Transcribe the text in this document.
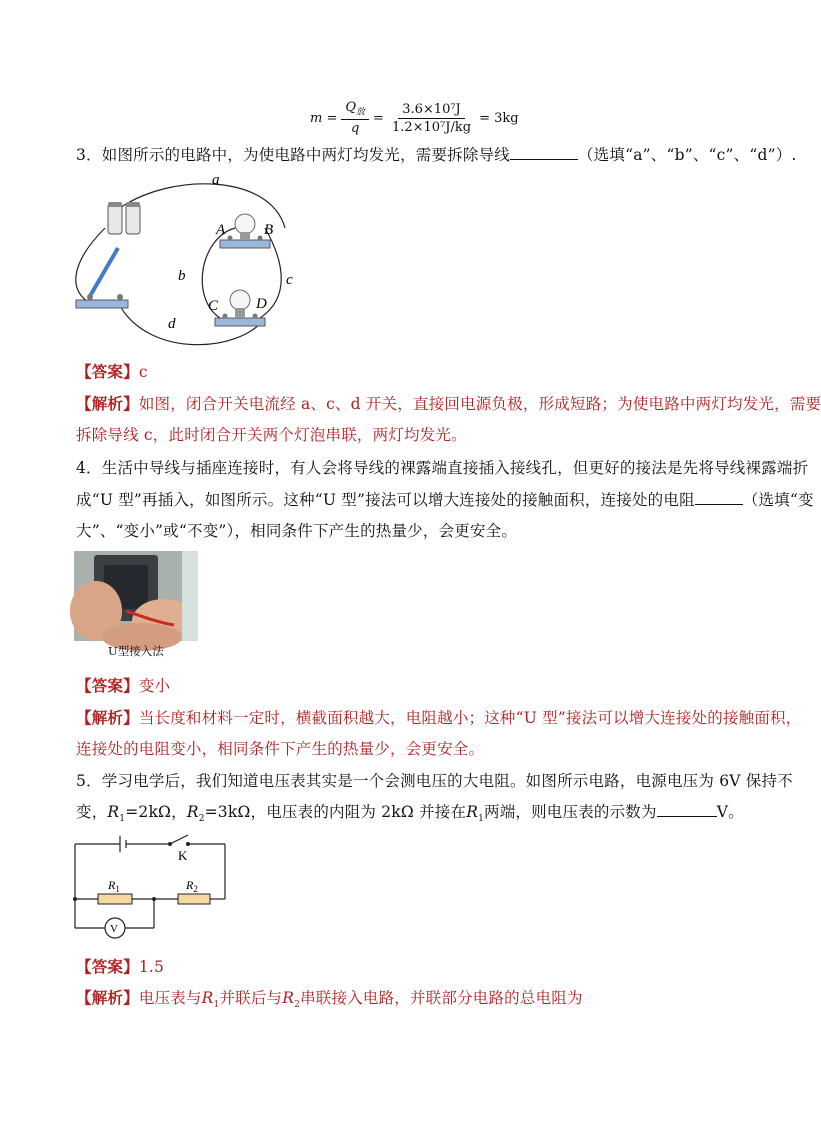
$m = \frac{Q_放}{q} = \frac{\text{3.6×10⁷J}}{\text{1.2×10⁷J/kg}} = 3kg$
3．如图所示的电路中，为使电路中两灯均发光，需要拆除导线	（选填“a”、“b”、“c”、“d”）.
a
b	c
d
A	B
C	D
【答案】c
【解析】如图，闭合开关电流经 a、c、d 开关，直接回电源负极，形成短路；为使电路中两灯均发光，需要
拆除导线 c，此时闭合开关两个灯泡串联，两灯均发光。
4．生活中导线与插座连接时，有人会将导线的裸露端直接插入接线孔，但更好的接法是先将导线裸露端折
成“U 型”再插入，如图所示。这种“U 型”接法可以增大连接处的接触面积，连接处的电阻	（选填“变
大”、“变小”或“不变”），相同条件下产生的热量少，会更安全。
U型接入法
【答案】变小
【解析】当长度和材料一定时，横截面积越大，电阻越小；这种“U 型”接法可以增大连接处的接触面积，
连接处的电阻变小，相同条件下产生的热量少，会更安全。
5．学习电学后，我们知道电压表其实是一个会测电压的大电阻。如图所示电路，电源电压为 6V 保持不
变，$R_1=2k\Omega$，$R_2=3k\Omega$，电压表的内阻为 2kΩ 并接在$R_1$两端，则电压表的示数为	V。
K
$R_1$	$R_2$
V
【答案】1.5
【解析】电压表与$R_1$并联后与$R_2$串联接入电路，并联部分电路的总电阻为
